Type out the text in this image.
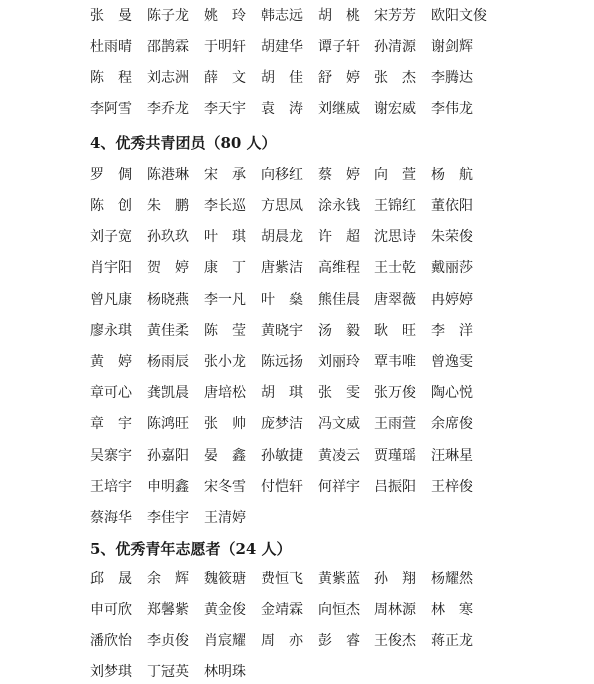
张　曼	陈子龙	姚　玲	韩志远	胡　桃	宋芳芳	欧阳文俊
杜雨晴	邵鹊霖	于明轩	胡建华	谭子轩	孙清源	谢剑辉
陈　程	刘志洲	薛　文	胡　佳	舒　婷	张　杰	李腾达
李阿雪	李乔龙	李天宇	袁　涛	刘继威	谢宏威	李伟龙
4、优秀共青团员（80 人）
罗　倜	陈港琳	宋　承	向移红	蔡　婷	向　萱	杨　航
陈　创	朱　鹏	李长巡	方思凤	涂永钱	王锦红	董依阳
刘子宽	孙玖玖	叶　琪	胡晨龙	许　超	沈思诗	朱荣俊
肖宇阳	贺　婷	康　丁	唐紫洁	高维程	王士乾	戴丽莎
曾凡康	杨晓燕	李一凡	叶　燊	熊佳晨	唐翠薇	冉婷婷
廖永琪	黄佳柔	陈　莹	黄晓宇	汤　毅	耿　旺	李　洋
黄　婷	杨雨辰	张小龙	陈远扬	刘丽玲	覃韦唯	曾逸雯
章可心	龚凯晨	唐培松	胡　琪	张　雯	张万俊	陶心悦
章　宇	陈鸿旺	张　帅	庞梦洁	冯文威	王雨萱	余席俊
吴寨宇	孙嘉阳	晏　鑫	孙敏捷	黄凌云	贾瑾瑶	汪琳星
王培宇	申明鑫	宋冬雪	付恺轩	何祥宇	吕振阳	王梓俊
蔡海华	李佳宇	王清婷
5、优秀青年志愿者（24 人）
邱　晟	余　辉	魏筱瑭	费恒飞	黄紫蓝	孙　翔	杨耀然
申可欣	郑馨紫	黄金俊	金靖霖	向恒杰	周林源	林　寒
潘欣怡	李贞俊	肖宸耀	周　亦	彭　睿	王俊杰	蒋正龙
刘梦琪	丁冠英	林明珠
